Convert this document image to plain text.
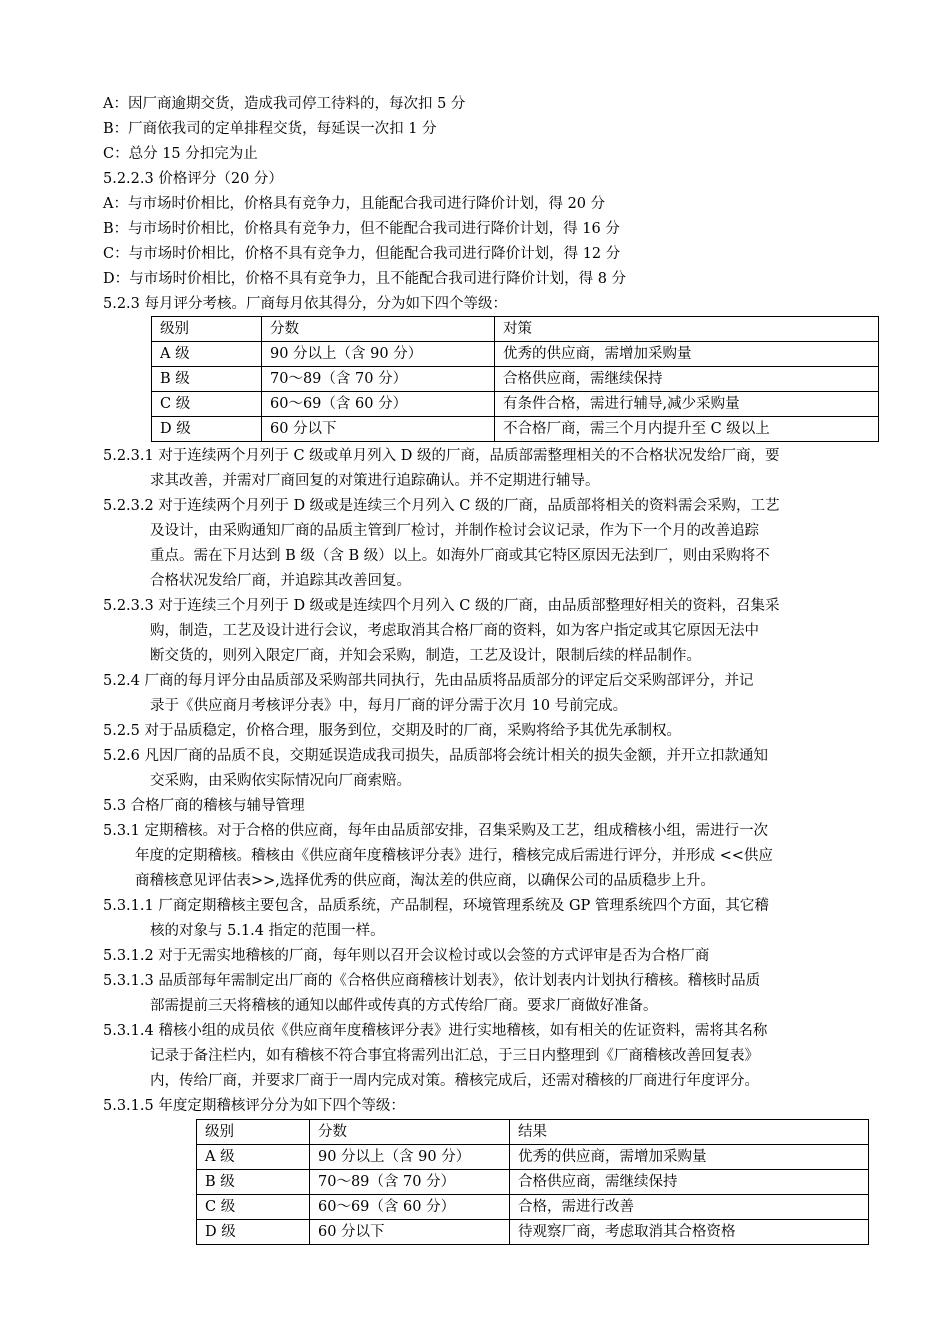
A：因厂商逾期交货，造成我司停工待料的，每次扣 5 分
B：厂商依我司的定单排程交货，每延误一次扣 1 分
C：总分 15 分扣完为止
5.2.2.3 价格评分（20 分）
A：与市场时价相比，价格具有竞争力，且能配合我司进行降价计划，得 20 分
B：与市场时价相比，价格具有竞争力，但不能配合我司进行降价计划，得 16 分
C：与市场时价相比，价格不具有竞争力，但能配合我司进行降价计划，得 12 分
D：与市场时价相比，价格不具有竞争力，且不能配合我司进行降价计划，得 8 分
5.2.3 每月评分考核。厂商每月依其得分，分为如下四个等级：
级别	分数	对策
A 级	90 分以上（含 90 分）	优秀的供应商，需增加采购量
B 级	70～89（含 70 分）	合格供应商，需继续保持
C 级	60～69（含 60 分）	有条件合格，需进行辅导,减少采购量
D 级	60 分以下	不合格厂商，需三个月内提升至 C 级以上
5.2.3.1 对于连续两个月列于 C 级或单月列入 D 级的厂商，品质部需整理相关的不合格状况发给厂商，要
求其改善，并需对厂商回复的对策进行追踪确认。并不定期进行辅导。
5.2.3.2 对于连续两个月列于 D 级或是连续三个月列入 C 级的厂商，品质部将相关的资料需会采购，工艺
及设计，由采购通知厂商的品质主管到厂检讨，并制作检讨会议记录，作为下一个月的改善追踪
重点。需在下月达到 B 级（含 B 级）以上。如海外厂商或其它特区原因无法到厂，则由采购将不
合格状况发给厂商，并追踪其改善回复。
5.2.3.3 对于连续三个月列于 D 级或是连续四个月列入 C 级的厂商，由品质部整理好相关的资料，召集采
购，制造，工艺及设计进行会议，考虑取消其合格厂商的资料，如为客户指定或其它原因无法中
断交货的，则列入限定厂商，并知会采购，制造，工艺及设计，限制后续的样品制作。
5.2.4 厂商的每月评分由品质部及采购部共同执行，先由品质将品质部分的评定后交采购部评分，并记
录于《供应商月考核评分表》中，每月厂商的评分需于次月 10 号前完成。
5.2.5 对于品质稳定，价格合理，服务到位，交期及时的厂商，采购将给予其优先承制权。
5.2.6 凡因厂商的品质不良，交期延误造成我司损失，品质部将会统计相关的损失金额，并开立扣款通知
交采购，由采购依实际情况向厂商索赔。
5.3 合格厂商的稽核与辅导管理
5.3.1 定期稽核。对于合格的供应商，每年由品质部安排，召集采购及工艺，组成稽核小组，需进行一次
年度的定期稽核。稽核由《供应商年度稽核评分表》进行，稽核完成后需进行评分，并形成 <<供应
商稽核意见评估表>>,选择优秀的供应商，淘汰差的供应商，以确保公司的品质稳步上升。
5.3.1.1 厂商定期稽核主要包含，品质系统，产品制程，环境管理系统及 GP 管理系统四个方面，其它稽
核的对象与 5.1.4 指定的范围一样。
5.3.1.2 对于无需实地稽核的厂商，每年则以召开会议检讨或以会签的方式评审是否为合格厂商
5.3.1.3 品质部每年需制定出厂商的《合格供应商稽核计划表》，依计划表内计划执行稽核。稽核时品质
部需提前三天将稽核的通知以邮件或传真的方式传给厂商。要求厂商做好准备。
5.3.1.4 稽核小组的成员依《供应商年度稽核评分表》进行实地稽核，如有相关的佐证资料，需将其名称
记录于备注栏内，如有稽核不符合事宜将需列出汇总，于三日内整理到《厂商稽核改善回复表》
内，传给厂商，并要求厂商于一周内完成对策。稽核完成后，还需对稽核的厂商进行年度评分。
5.3.1.5 年度定期稽核评分分为如下四个等级：
级别	分数	结果
A 级	90 分以上（含 90 分）	优秀的供应商，需增加采购量
B 级	70～89（含 70 分）	合格供应商，需继续保持
C 级	60～69（含 60 分）	合格，需进行改善
D 级	60 分以下	待观察厂商，考虑取消其合格资格
